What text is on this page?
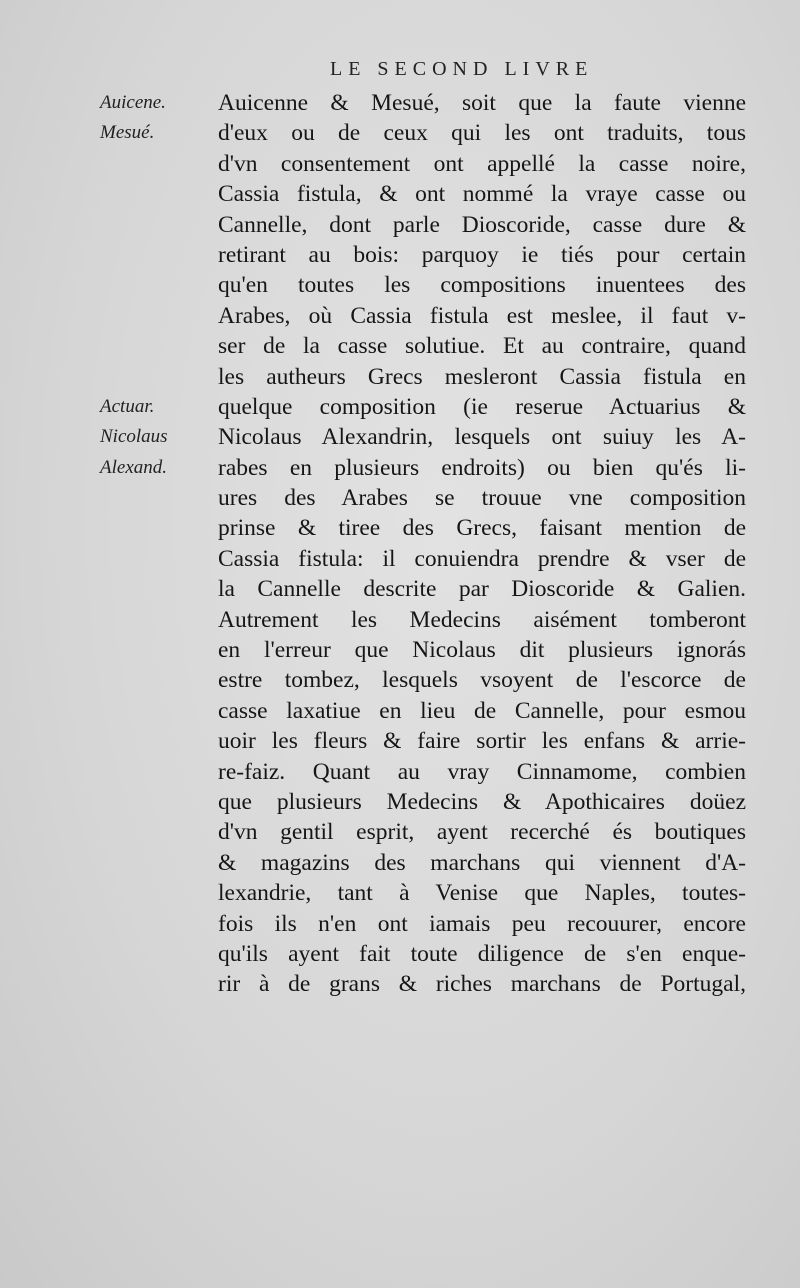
LE SECOND LIVRE
Auicene.
Mesué.
Actuar.
Nicolaus
Alexand.
Auicenne & Mesué, soit que la faute vienne
d'eux ou de ceux qui les ont traduits, tous
d'vn consentement ont appellé la casse noire,
Cassia fistula, & ont nommé la vraye casse ou
Cannelle, dont parle Dioscoride, casse dure &
retirant au bois: parquoy ie tiés pour certain
qu'en toutes les compositions inuentees des
Arabes, où Cassia fistula est meslee, il faut v-
ser de la casse solutiue. Et au contraire, quand
les autheurs Grecs mesleront Cassia fistula en
quelque composition (ie reserue Actuarius &
Nicolaus Alexandrin, lesquels ont suiuy les A-
rabes en plusieurs endroits) ou bien qu'és li-
ures des Arabes se trouue vne composition
prinse & tiree des Grecs, faisant mention de
Cassia fistula: il conuiendra prendre & vser de
la Cannelle descrite par Dioscoride & Galien.
Autrement les Medecins aisément tomberont
en l'erreur que Nicolaus dit plusieurs ignorás
estre tombez, lesquels vsoyent de l'escorce de
casse laxatiue en lieu de Cannelle, pour esmou
uoir les fleurs & faire sortir les enfans & arrie-
re-faiz. Quant au vray Cinnamome, combien
que plusieurs Medecins & Apothicaires doüez
d'vn gentil esprit, ayent recerché és boutiques
& magazins des marchans qui viennent d'A-
lexandrie, tant à Venise que Naples, toutes-
fois ils n'en ont iamais peu recouurer, encore
qu'ils ayent fait toute diligence de s'en enque-
rir à de grans & riches marchans de Portugal,
